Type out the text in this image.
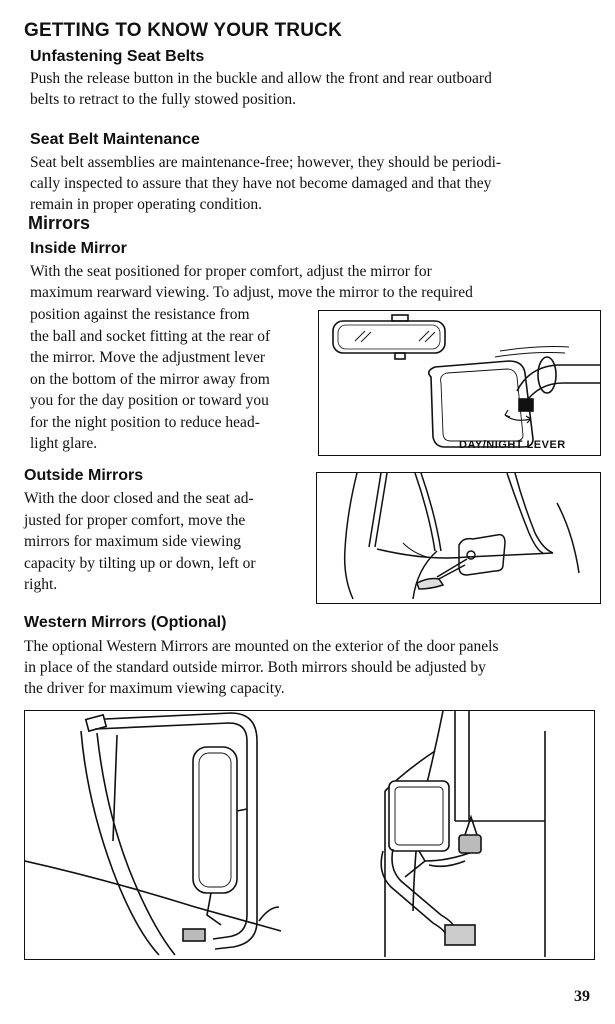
GETTING TO KNOW YOUR TRUCK
Unfastening Seat Belts
Push the release button in the buckle and allow the front and rear outboard
belts to retract to the fully stowed position.
Seat Belt Maintenance
Seat belt assemblies are maintenance-free; however, they should be periodi-
cally inspected to assure that they have not become damaged and that they
remain in proper operating condition.
Mirrors
Inside Mirror
With the seat positioned for proper comfort, adjust the mirror for
maximum rearward viewing. To adjust, move the mirror to the required
position against the resistance from
the ball and socket fitting at the rear of
the mirror. Move the adjustment lever
on the bottom of the mirror away from
you for the day position or toward you
for the night position to reduce head-
light glare.	DAY/NIGHT LEVER
Outside Mirrors
With the door closed and the seat ad-
justed for proper comfort, move the
mirrors for maximum side viewing
capacity by tilting up or down, left or
right.
Western Mirrors (Optional)
The optional Western Mirrors are mounted on the exterior of the door panels
in place of the standard outside mirror. Both mirrors should be adjusted by
the driver for maximum viewing capacity.
39
